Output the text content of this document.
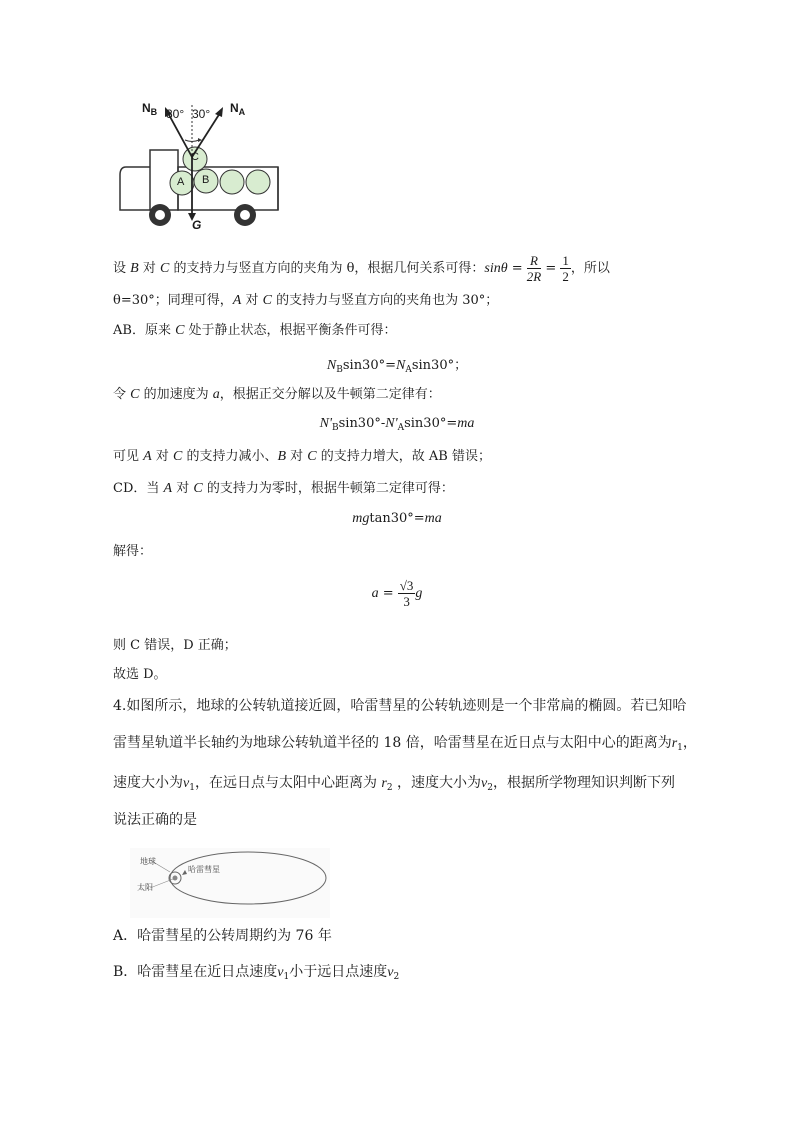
$N_B$	$N_A$
30° 30°
C
A B
G
设 B 对 C 的支持力与竖直方向的夹角为 θ，根据几何关系可得：$\sin\theta = \frac{R}{2R} = \frac{1}{2}$ ，所以
θ=30°；同理可得，A 对 C 的支持力与竖直方向的夹角也为 30°；
AB．原来 C 处于静止状态，根据平衡条件可得：
$N_B\sin 30^\circ=N_A\sin 30^\circ$；
令 C 的加速度为 a，根据正交分解以及牛顿第二定律有：
$N'_B\sin 30^\circ-N'_A\sin 30^\circ=ma$
可见 A 对 C 的支持力减小、B 对 C 的支持力增大，故 AB 错误；
CD．当 A 对 C 的支持力为零时，根据牛顿第二定律可得：
mgtan30°=ma
解得：
$a = \frac{√3}{3}$ g
则 C 错误，D 正确；
故选 D。
4.如图所示，地球的公转轨道接近圆，哈雷彗星的公转轨迹则是一个非常扁的椭圆。若已知哈
雷彗星轨道半长轴约为地球公转轨道半径的 18 倍，哈雷彗星在近日点与太阳中心的距离为$r_1$，
速度大小为$v_1$，在远日点与太阳中心距离为 $r_2$ ，速度大小为$v_2$，根据所学物理知识判断下列
说法正确的是
地球
太阳
哈雷彗星
A．哈雷彗星的公转周期约为 76 年
B．哈雷彗星在近日点速度$v_1$小于远日点速度$v_2$
